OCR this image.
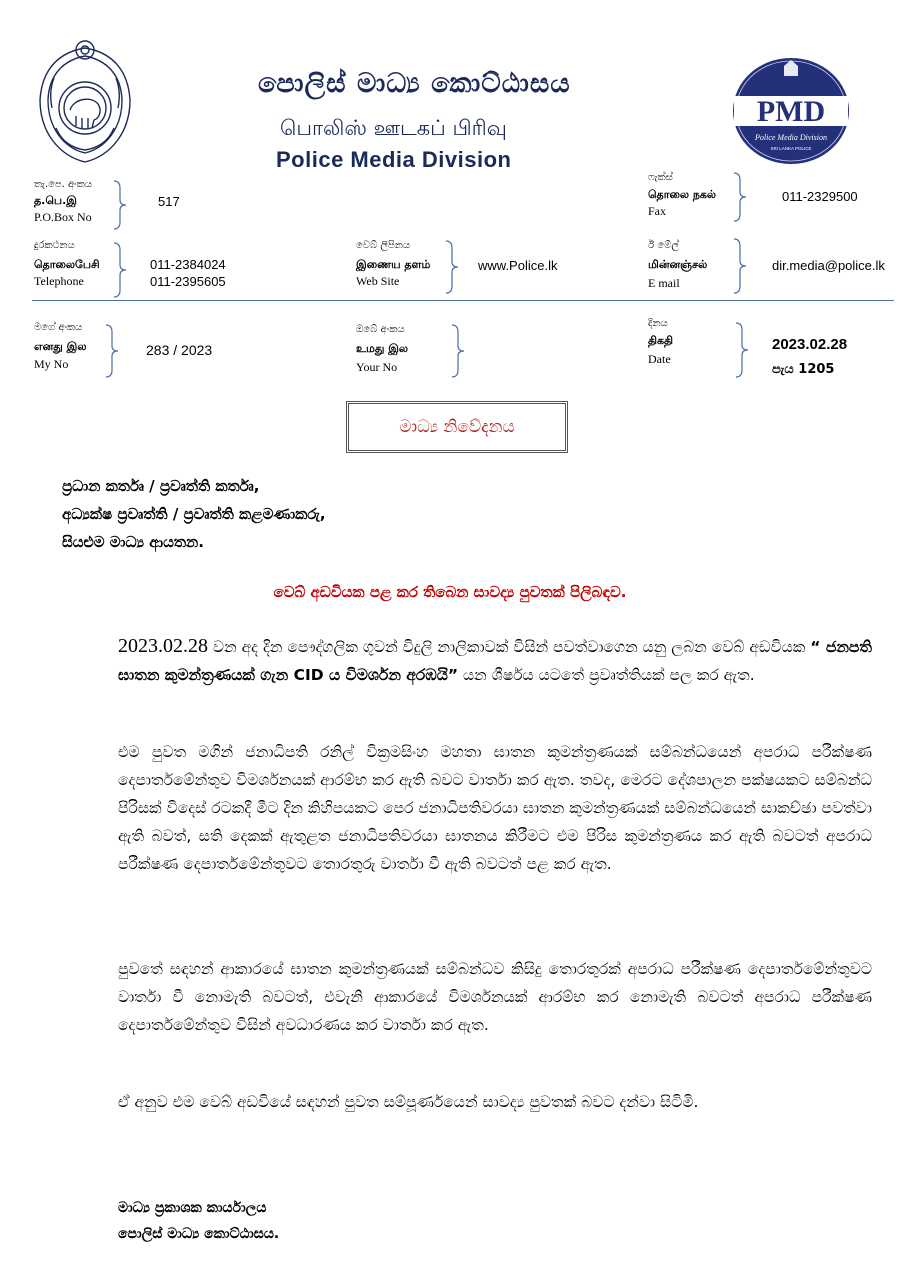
PMD
Police Media Division
SRI LANKA POLICE
පොලිස් මාධ්‍ය කොට්ඨාසය
பொலிஸ் ஊடகப் பிரிவு
Police Media Division
තැ.පෙ. අංකය
த.பெ.இ
P.O.Box No
517
ෆැක්ස්
தொலை நகல்
Fax
011-2329500
දුරකථනය
தொலைபேசி
Telephone
011-2384024
011-2395605
වෙබ් ලිපිනය
இணைய தளம்
Web Site
www.Police.lk
ඊ මේල්
மின்னஞ்சல்
E mail
dir.media@police.lk
මගේ අංකය
எனது இல
My No
283 / 2023
ඔබේ අංකය
உமது இல
Your No
දිනය
திகதி
Date
2023.02.28
පැය 1205
මාධ්‍ය නිවේදනය
ප්‍රධාන කර්තෘ / ප්‍රවෘත්ති කර්තෘ,
අධ්‍යක්ෂ ප්‍රවෘත්ති / ප්‍රවෘත්ති කළමණාකරු,
සියළුම මාධ්‍ය ආයතන.
වෙබ් අඩවියක පළ කර තිබෙන සාවද්‍ය පුවතක් පිලිබඳව.
2023.02.28 වන අද දින පෞද්ගලික ගුවන් විදුලි නාලිකාවක් විසින් පවත්වාගෙන යනු ලබන වෙබ් අඩවියක “ ජනපති ඝාතන කුමන්ත්‍රණයක් ගැන CID ය විමර්ශන අරඹයි” යන ශීර්ෂය යටතේ ප්‍රවෘත්තියක් පල කර ඇත.
එම පුවත මගින් ජනාධිපති රනිල් වික්‍රමසිංහ මහතා ඝාතන කුමන්ත්‍රණයක් සම්බන්ධයෙන් අපරාධ පරීක්ෂණ දෙපාර්තමේන්තුව විමර්ශනයක් ආරම්භ කර ඇති බවට වාර්තා කර ඇත. තවද, මෙරට දේශපාලන පක්ෂයකට සම්බන්ධ පිරිසක් විදෙස් රටකදී මීට දින කිහිපයකට පෙර ජනාධිපතිවරයා ඝාතන කුමන්ත්‍රණයක් සම්බන්ධයෙන් සාකච්ඡා පවත්වා ඇති බවත්, සති දෙකක් ඇතුළත ජනාධිපතිවරයා ඝාතනය කිරීමට එම පිරිස කුමන්ත්‍රණය කර ඇති බවටත් අපරාධ පරීක්ෂණ දෙපාර්තමේන්තුවට තොරතුරු වාර්තා වී ඇති බවටත් පළ කර ඇත.
පුවතේ සඳහන් ආකාරයේ ඝාතන කුමන්ත්‍රණයක් සම්බන්ධව කිසිදු තොරතුරක් අපරාධ පරීක්ෂණ දෙපාර්තමේන්තුවට වාර්තා වී නොමැති බවටත්, එවැනි ආකාරයේ විමර්ශනයක් ආරම්භ කර නොමැති බවටත් අපරාධ පරීක්ෂණ දෙපාර්තමේන්තුව විසින් අවධාරණය කර වාර්තා කර ඇත.
ඒ අනුව එම වෙබ් අඩවියේ සඳහන් පුවත සම්පූර්ණයෙන් සාවද්‍ය පුවතක් බවට දන්වා සිටිමි.
මාධ්‍ය ප්‍රකාශක කාර්යාලය
පොලිස් මාධ්‍ය කොට්ඨාසය.
